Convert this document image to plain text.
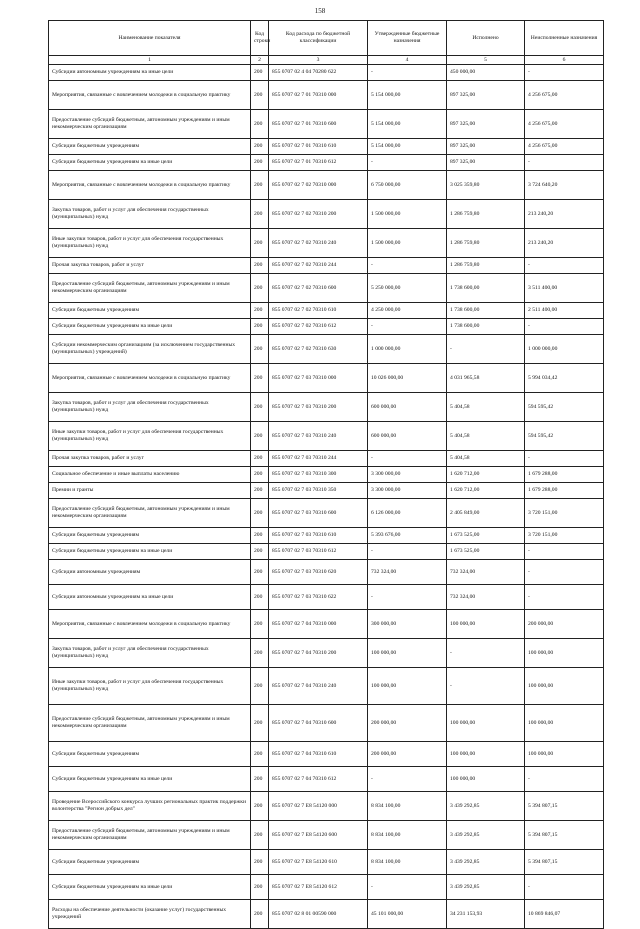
158
Наименование показателя	Код строки	Код расхода по бюджетной классификации	Утвержденные бюджетные назначения	Исполнено	Неисполненные назначения
1	2	3	4	5	6
Субсидии автономным учреждениям на иные цели	200	855 0707 02 4 04 70280 622	-	450 000,00	-
Мероприятия, связанные с вовлечением молодежи в социальную практику	200	855 0707 02 7 01 70310 000	5 154 000,00	897 325,00	4 256 675,00
Предоставление субсидий бюджетным, автономным учреждениям и иным некоммерческим организациям	200	855 0707 02 7 01 70310 600	5 154 000,00	897 325,00	4 256 675,00
Субсидии бюджетным учреждениям	200	855 0707 02 7 01 70310 610	5 154 000,00	897 325,00	4 256 675,00
Субсидии бюджетным учреждениям на иные цели	200	855 0707 02 7 01 70310 612	-	897 325,00	-
Мероприятия, связанные с вовлечением молодежи в социальную практику	200	855 0707 02 7 02 70310 000	6 750 000,00	3 025 359,80	3 724 640,20
Закупка товаров, работ и услуг для обеспечения государственных (муниципальных) нужд	200	855 0707 02 7 02 70310 200	1 500 000,00	1 286 759,80	213 240,20
Иные закупки товаров, работ и услуг для обеспечения государственных (муниципальных) нужд	200	855 0707 02 7 02 70310 240	1 500 000,00	1 286 759,80	213 240,20
Прочая закупка товаров, работ и услуг	200	855 0707 02 7 02 70310 244	-	1 286 759,80	-
Предоставление субсидий бюджетным, автономным учреждениям и иным некоммерческим организациям	200	855 0707 02 7 02 70310 600	5 250 000,00	1 738 600,00	3 511 400,00
Субсидии бюджетным учреждениям	200	855 0707 02 7 02 70310 610	4 250 000,00	1 738 600,00	2 511 400,00
Субсидии бюджетным учреждениям на иные цели	200	855 0707 02 7 02 70310 612	-	1 738 600,00	-
Субсидии некоммерческим организациям (за исключением государственных (муниципальных) учреждений)	200	855 0707 02 7 02 70310 630	1 000 000,00	-	1 000 000,00
Мероприятия, связанные с вовлечением молодежи в социальную практику	200	855 0707 02 7 03 70310 000	10 026 000,00	4 031 965,58	5 994 034,42
Закупка товаров, работ и услуг для обеспечения государственных (муниципальных) нужд	200	855 0707 02 7 03 70310 200	600 000,00	5 404,58	594 595,42
Иные закупки товаров, работ и услуг для обеспечения государственных (муниципальных) нужд	200	855 0707 02 7 03 70310 240	600 000,00	5 404,58	594 595,42
Прочая закупка товаров, работ и услуг	200	855 0707 02 7 03 70310 244	-	5 404,58	-
Социальное обеспечение и иные выплаты населению	200	855 0707 02 7 03 70310 300	3 300 000,00	1 620 712,00	1 679 288,00
Премии и гранты	200	855 0707 02 7 03 70310 350	3 300 000,00	1 620 712,00	1 679 288,00
Предоставление субсидий бюджетным, автономным учреждениям и иным некоммерческим организациям	200	855 0707 02 7 03 70310 600	6 126 000,00	2 405 849,00	3 720 151,00
Субсидии бюджетным учреждениям	200	855 0707 02 7 03 70310 610	5 393 676,00	1 673 525,00	3 720 151,00
Субсидии бюджетным учреждениям на иные цели	200	855 0707 02 7 03 70310 612	-	1 673 525,00	-
Субсидии автономным учреждениям	200	855 0707 02 7 03 70310 620	732 324,00	732 324,00	-
Субсидии автономным учреждениям на иные цели	200	855 0707 02 7 03 70310 622	-	732 324,00	-
Мероприятия, связанные с вовлечением молодежи в социальную практику	200	855 0707 02 7 04 70310 000	300 000,00	100 000,00	200 000,00
Закупка товаров, работ и услуг для обеспечения государственных (муниципальных) нужд	200	855 0707 02 7 04 70310 200	100 000,00	-	100 000,00
Иные закупки товаров, работ и услуг для обеспечения государственных (муниципальных) нужд	200	855 0707 02 7 04 70310 240	100 000,00	-	100 000,00
Предоставление субсидий бюджетным, автономным учреждениям и иным некоммерческим организациям	200	855 0707 02 7 04 70310 600	200 000,00	100 000,00	100 000,00
Субсидии бюджетным учреждениям	200	855 0707 02 7 04 70310 610	200 000,00	100 000,00	100 000,00
Субсидии бюджетным учреждениям на иные цели	200	855 0707 02 7 04 70310 612	-	100 000,00	-
Проведение Всероссийского конкурса лучших региональных практик поддержки волонтерства "Регион добрых дел"	200	855 0707 02 7 E8 54120 000	8 834 100,00	3 439 292,85	5 394 807,15
Предоставление субсидий бюджетным, автономным учреждениям и иным некоммерческим организациям	200	855 0707 02 7 E8 54120 600	8 834 100,00	3 439 292,85	5 394 807,15
Субсидии бюджетным учреждениям	200	855 0707 02 7 E8 54120 610	8 834 100,00	3 439 292,85	5 394 807,15
Субсидии бюджетным учреждениям на иные цели	200	855 0707 02 7 E8 54120 612	-	3 439 292,85	-
Расходы на обеспечение деятельности (оказание услуг) государственных учреждений	200	855 0707 02 8 01 00590 000	45 101 000,00	34 231 153,93	10 869 846,07
